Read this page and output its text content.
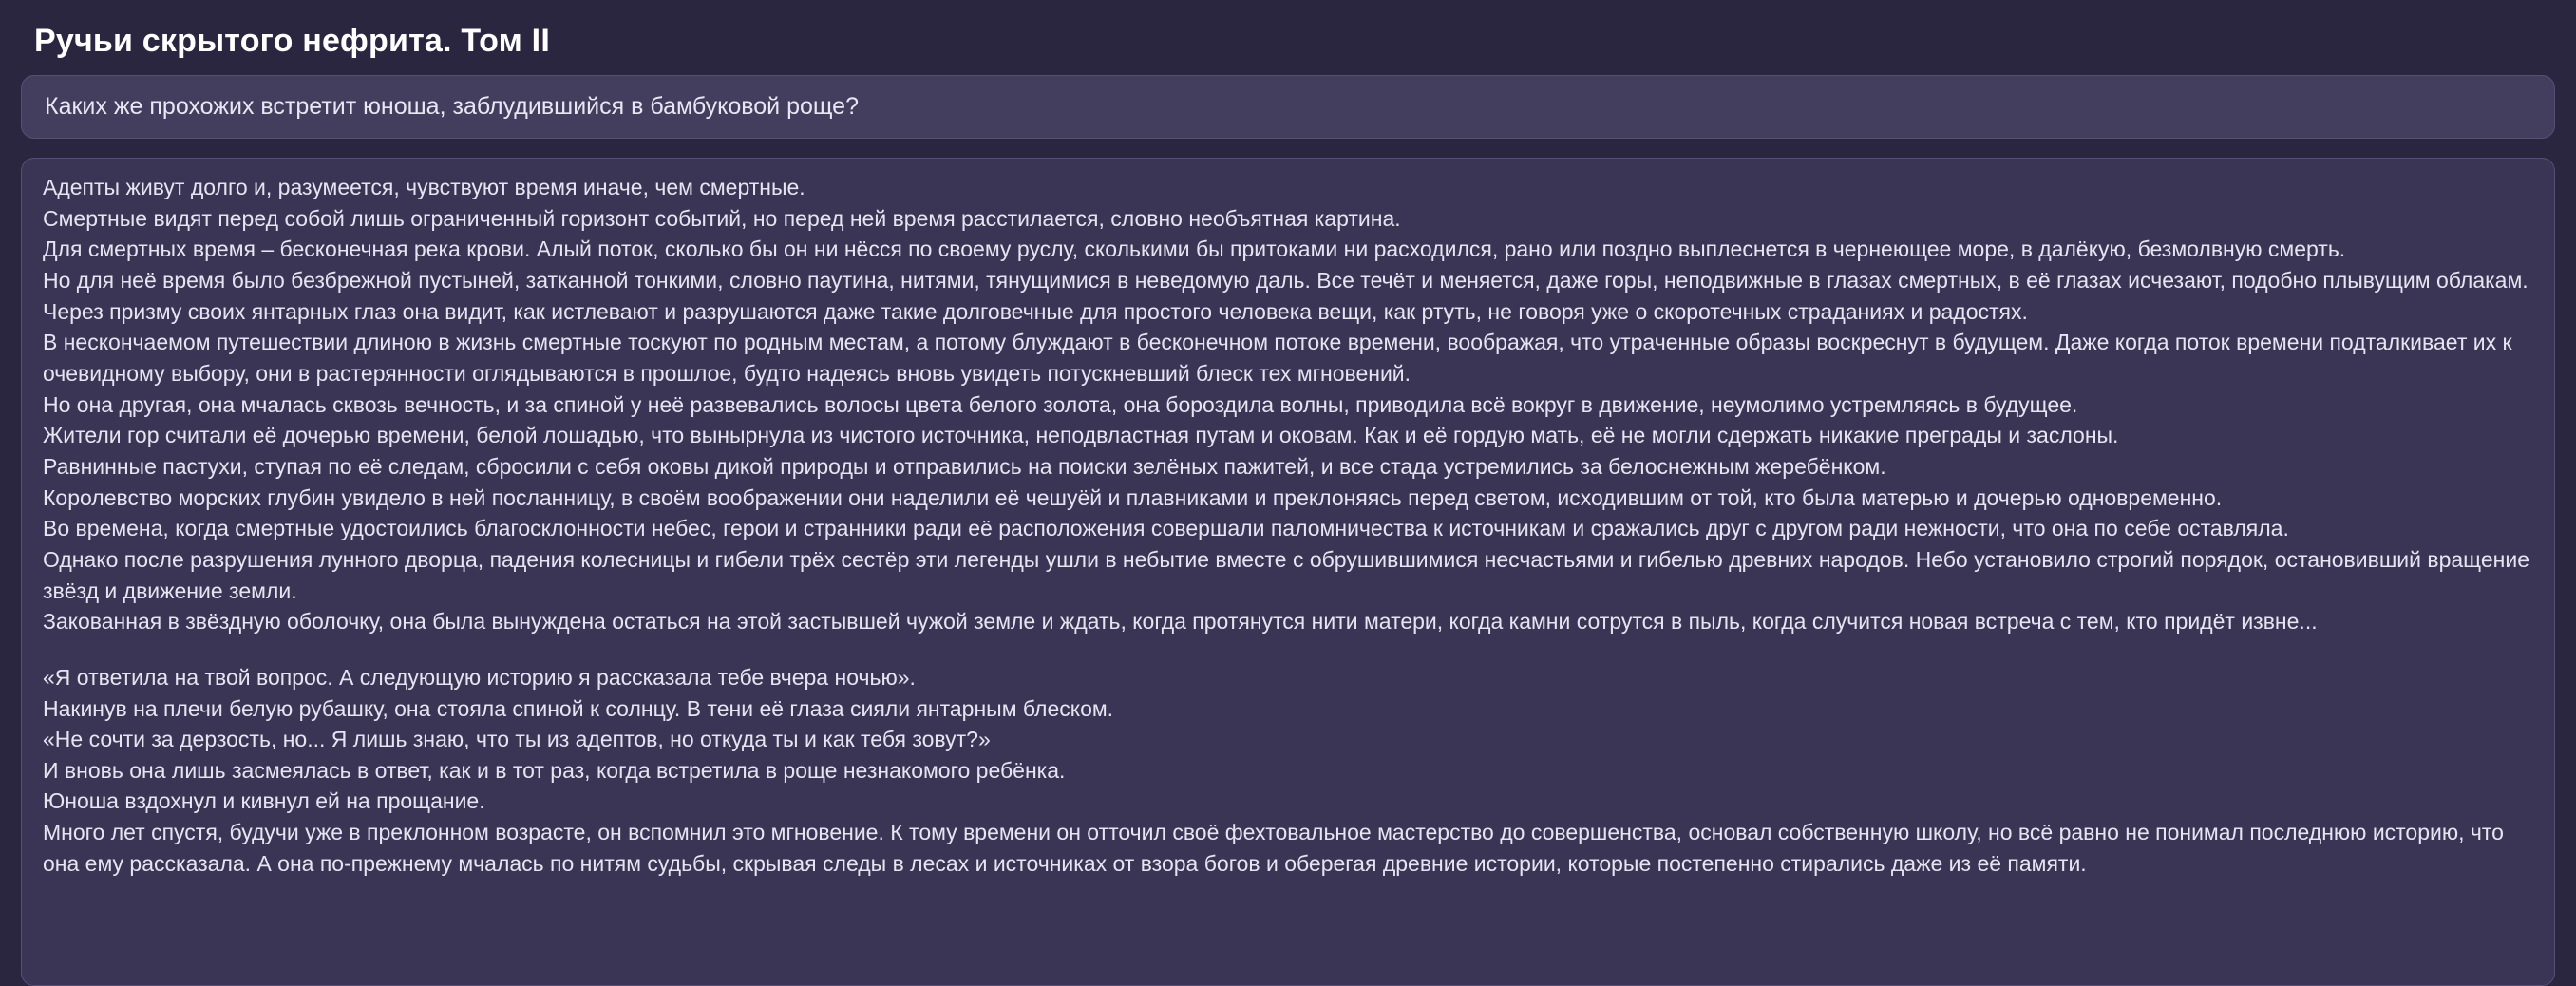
Ручьи скрытого нефрита. Том II
Каких же прохожих встретит юноша, заблудившийся в бамбуковой роще?

Адепты живут долго и, разумеется, чувствуют время иначе, чем смертные.

Смертные видят перед собой лишь ограниченный горизонт событий, но перед ней время расстилается, словно необъятная картина.

Для смертных время – бесконечная река крови. Алый поток, сколько бы он ни нёсся по своему руслу, сколькими бы притоками ни расходился, рано или поздно выплеснется в чернеющее море, в далёкую, безмолвную смерть.

Но для неё время было безбрежной пустыней, затканной тонкими, словно паутина, нитями, тянущимися в неведомую даль. Все течёт и меняется, даже горы, неподвижные в глазах смертных, в её глазах исчезают, подобно плывущим облакам. Через призму своих янтарных глаз она видит, как истлевают и разрушаются даже такие долговечные для простого человека вещи, как ртуть, не говоря уже о скоротечных страданиях и радостях.

В нескончаемом путешествии длиною в жизнь смертные тоскуют по родным местам, а потому блуждают в бесконечном потоке времени, воображая, что утраченные образы воскреснут в будущем. Даже когда поток времени подталкивает их к очевидному выбору, они в растерянности оглядываются в прошлое, будто надеясь вновь увидеть потускневший блеск тех мгновений.

Но она другая, она мчалась сквозь вечность, и за спиной у неё развевались волосы цвета белого золота, она бороздила волны, приводила всё вокруг в движение, неумолимо устремляясь в будущее.

Жители гор считали её дочерью времени, белой лошадью, что вынырнула из чистого источника, неподвластная путам и оковам. Как и её гордую мать, её не могли сдержать никакие преграды и заслоны.

Равнинные пастухи, ступая по её следам, сбросили с себя оковы дикой природы и отправились на поиски зелёных пажитей, и все стада устремились за белоснежным жеребёнком.

Королевство морских глубин увидело в ней посланницу, в своём воображении они наделили её чешуёй и плавниками и преклоняясь перед светом, исходившим от той, кто была матерью и дочерью одновременно.

Во времена, когда смертные удостоились благосклонности небес, герои и странники ради её расположения совершали паломничества к источникам и сражались друг с другом ради нежности, что она по себе оставляла.

Однако после разрушения лунного дворца, падения колесницы и гибели трёх сестёр эти легенды ушли в небытие вместе с обрушившимися несчастьями и гибелью древних народов. Небо установило строгий порядок, остановивший вращение звёзд и движение земли.

Закованная в звёздную оболочку, она была вынуждена остаться на этой застывшей чужой земле и ждать, когда протянутся нити матери, когда камни сотрутся в пыль, когда случится новая встреча с тем, кто придёт извне...

«Я ответила на твой вопрос. А следующую историю я рассказала тебе вчера ночью».

Накинув на плечи белую рубашку, она стояла спиной к солнцу. В тени её глаза сияли янтарным блеском.

«Не сочти за дерзость, но... Я лишь знаю, что ты из адептов, но откуда ты и как тебя зовут?»

И вновь она лишь засмеялась в ответ, как и в тот раз, когда встретила в роще незнакомого ребёнка.

Юноша вздохнул и кивнул ей на прощание.

Много лет спустя, будучи уже в преклонном возрасте, он вспомнил это мгновение. К тому времени он отточил своё фехтовальное мастерство до совершенства, основал собственную школу, но всё равно не понимал последнюю историю, что она ему рассказала. А она по-прежнему мчалась по нитям судьбы, скрывая следы в лесах и источниках от взора богов и оберегая древние истории, которые постепенно стирались даже из её памяти.
